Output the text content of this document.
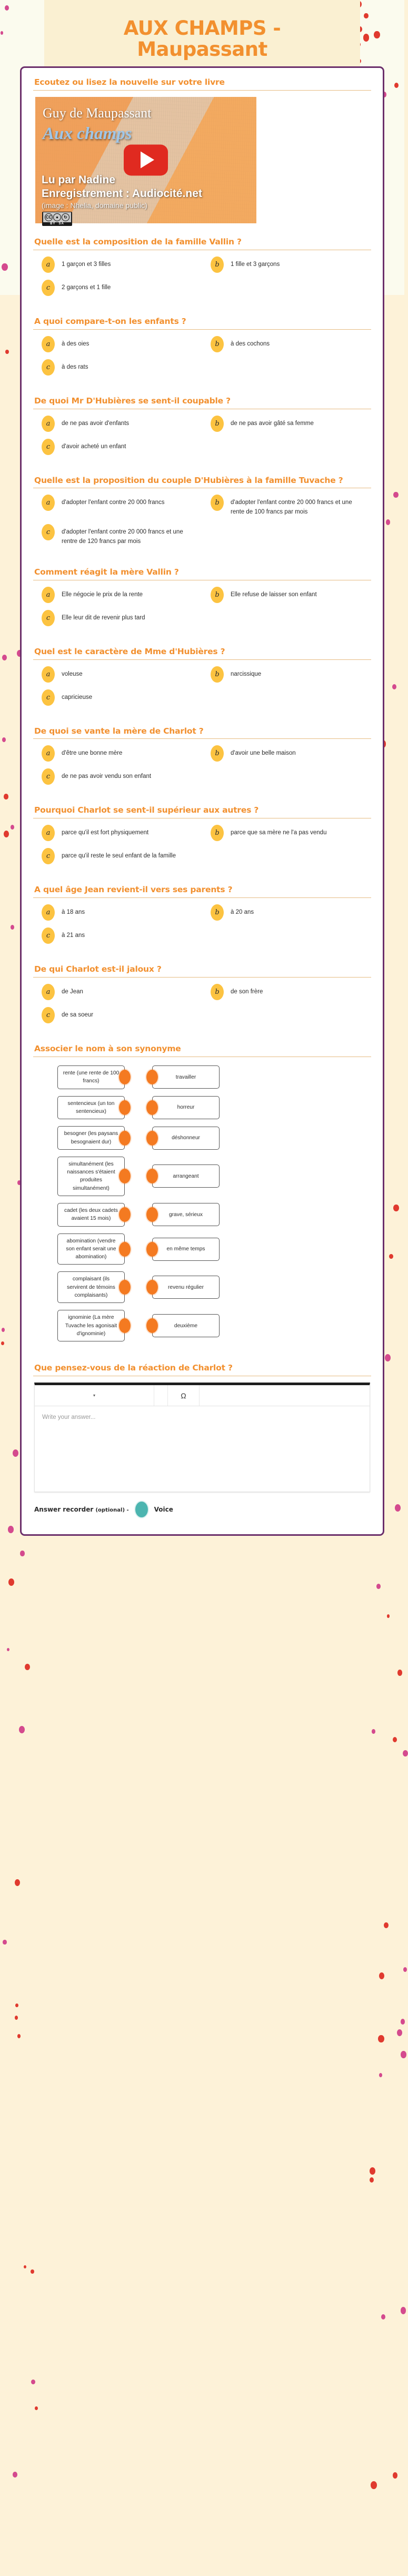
AUX CHAMPS -
Maupassant
Ecoutez ou lisez la nouvelle sur votre livre
Guy de Maupassant
Aux champs
Lu par Nadine
Enregistrement : Audiocité.net
(image : Nhelia, domaine public)
CC ●	↻
BY SA
Quelle est la composition de la famille Vallin ?
a	1 garçon et 3 filles	b	1 fille et 3 garçons
c	2 garçons et 1 fille
A quoi compare-t-on les enfants ?
a	à des oies	b	à des cochons
c	à des rats
De quoi Mr D'Hubières se sent-il coupable ?
a	de ne pas avoir d'enfants	b	de ne pas avoir gâté sa femme
c	d'avoir acheté un enfant
Quelle est la proposition du couple D'Hubières à la famille Tuvache ?
a	d'adopter l'enfant contre 20 000 francs	b	d'adopter l'enfant contre 20 000 francs et une rente de 100 francs par mois
c	d'adopter l'enfant contre 20 000 francs et une rentre de 120 francs par mois
Comment réagit la mère Vallin ?
a	Elle négocie le prix de la rente	b	Elle refuse de laisser son enfant
c	Elle leur dit de revenir plus tard
Quel est le caractère de Mme d'Hubières ?
a	voleuse	b	narcissique
c	capricieuse
De quoi se vante la mère de Charlot ?
a	d'être une bonne mère	b	d'avoir une belle maison
c	de ne pas avoir vendu son enfant
Pourquoi Charlot se sent-il supérieur aux autres ?
a	parce qu'il est fort physiquement	b	parce que sa mère ne l'a pas vendu
c	parce qu'il reste le seul enfant de la famille
A quel âge Jean revient-il vers ses parents ?
a	à 18 ans	b	à 20 ans
c	à 21 ans
De qui Charlot est-il jaloux ?
a	de Jean	b	de son frère
c	de sa soeur
Associer le nom à son synonyme
rente (une rente de 100 francs)
travailler
sentencieux (un ton sentencieux)
horreur
besogner (les paysans besognaient dur)
déshonneur
simultanément (les naissances s'étaient produites simultanément)
arrangeant
cadet (les deux cadets avaient 15 mois)
grave, sérieux
abomination (vendre son enfant serait une abomination)
en même temps
complaisant (ils servirent de témoins complaisants)
revenu régulier
ignominie (La mère Tuvache les agonisait d'ignominie)
deuxième
Que pensez-vous de la réaction de Charlot ?
▾	Ω
Write your answer...
Answer recorder (optional) -	Voice
